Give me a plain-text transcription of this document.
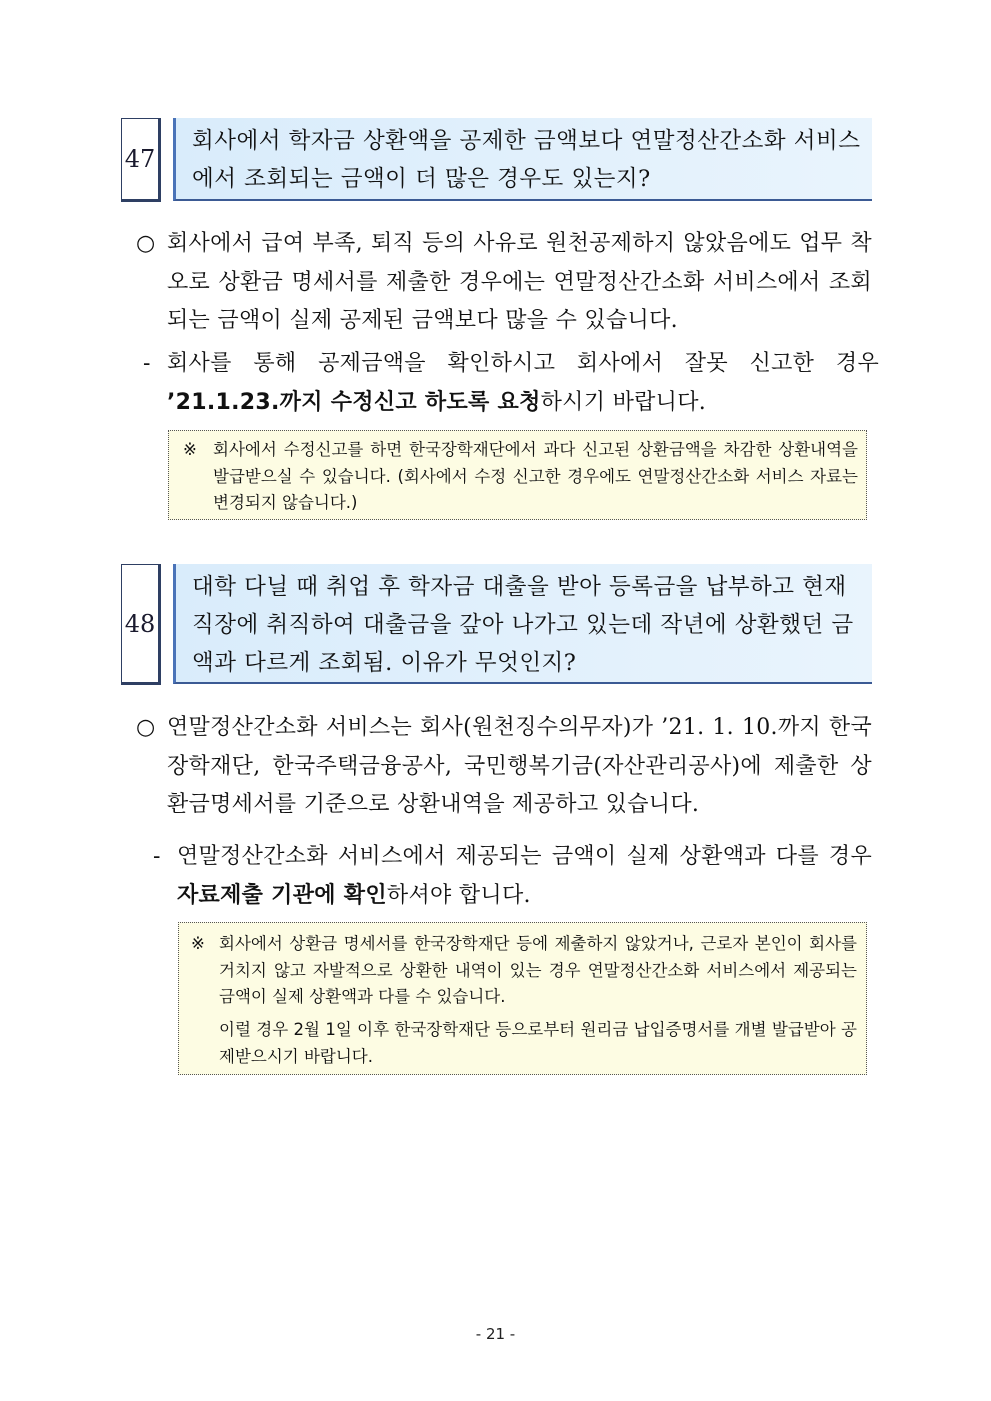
47
회사에서 학자금 상환액을 공제한 금액보다 연말정산간소화 서비스에서 조회되는 금액이 더 많은 경우도 있는지?
○ 회사에서 급여 부족, 퇴직 등의 사유로 원천공제하지 않았음에도 업무 착오로 상환금 명세서를 제출한 경우에는 연말정산간소화 서비스에서 조회되는 금액이 실제 공제된 금액보다 많을 수 있습니다.
- 회사를 통해 공제금액을 확인하시고 회사에서 잘못 신고한 경우 ’21.1.23.까지 수정신고 하도록 요청하시기 바랍니다.
※ 회사에서 수정신고를 하면 한국장학재단에서 과다 신고된 상환금액을 차감한 상환내역을 발급받으실 수 있습니다. (회사에서 수정 신고한 경우에도 연말정산간소화 서비스 자료는 변경되지 않습니다.)
48
대학 다닐 때 취업 후 학자금 대출을 받아 등록금을 납부하고 현재 직장에 취직하여 대출금을 갚아 나가고 있는데 작년에 상환했던 금액과 다르게 조회됨. 이유가 무엇인지?
○ 연말정산간소화 서비스는 회사(원천징수의무자)가 ’21. 1. 10.까지 한국장학재단, 한국주택금융공사, 국민행복기금(자산관리공사)에 제출한 상환금명세서를 기준으로 상환내역을 제공하고 있습니다.
- 연말정산간소화 서비스에서 제공되는 금액이 실제 상환액과 다를 경우 자료제출 기관에 확인하셔야 합니다.
※ 회사에서 상환금 명세서를 한국장학재단 등에 제출하지 않았거나, 근로자 본인이 회사를 거치지 않고 자발적으로 상환한 내역이 있는 경우 연말정산간소화 서비스에서 제공되는 금액이 실제 상환액과 다를 수 있습니다.
이럴 경우 2월 1일 이후 한국장학재단 등으로부터 원리금 납입증명서를 개별 발급받아 공제받으시기 바랍니다.
- 21 -
